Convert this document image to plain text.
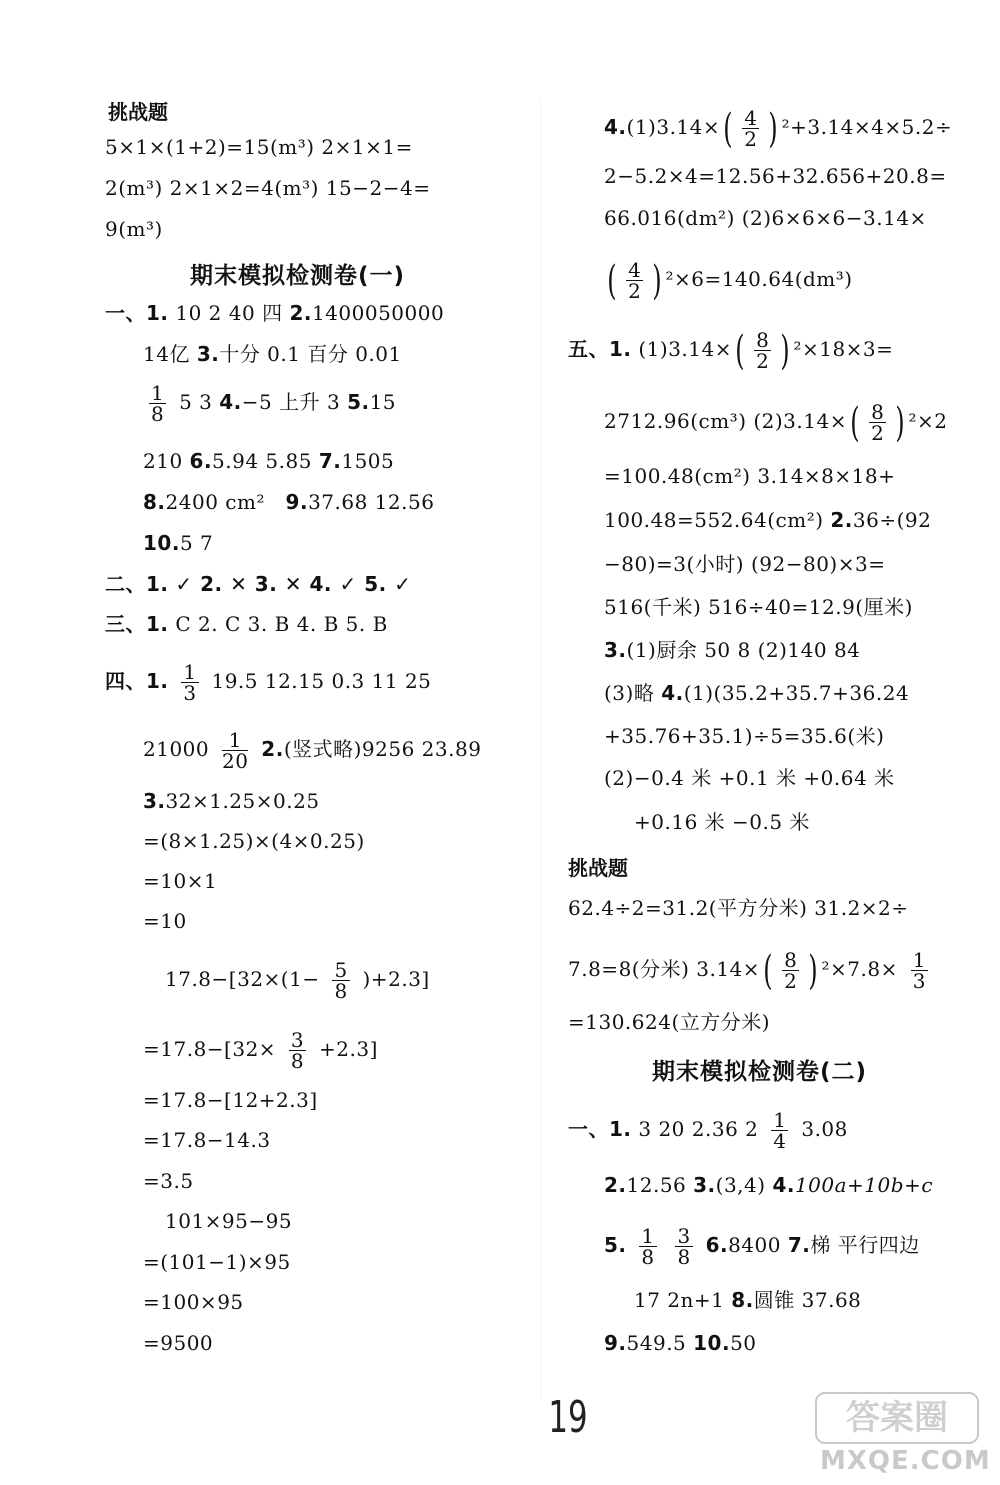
挑战题
5×1×(1+2)=15(m³) 2×1×1=
2(m³) 2×1×2=4(m³) 15−2−4=
9(m³)
期末模拟检测卷(一)
一、1. 10 2 40 四 2.1400050000
14亿 3.十分 0.1 百分 0.01
$\frac{1}{8} 5$ 3 4.−5 上升 3 5.15
210 6.5.94 5.85 7.1505
8.2400 cm² 9.37.68 12.56
10.5 7
二、1. ✓ 2. ✕ 3. ✕ 4. ✓ 5. ✓
三、1. C 2. C 3. B 4. B 5. B
四、1. $\frac{1}{3} 19.5$ 12.15 0.3 11 25
$21000 \frac{1}{20} 2$.(竖式略)9256 23.89
3.32×1.25×0.25
=(8×1.25)×(4×0.25)
=10×1
=10
$17.8-[32\times(1- \frac{5}{8} )+2.3]$
$=17.8-[32\times \frac{3}{8} +2.3]$
=17.8−[12+2.3]
=17.8−14.3
=3.5
101×95−95
=(101−1)×95
=100×95
=9500
$4.(1)3.14\times( \frac{4}{2}$ ) ²+3.14×4×5.2÷
2−5.2×4=12.56+32.656+20.8=
66.016(dm²) (2)6×6×6−3.14×
( $\frac{4}{2}$ ) ²×6=140.64(dm³)
五、1. $(1)3.14\times( \frac{8}{2}$ ) ²×18×3=
2712.96(cm³) $(2)3.14\times( \frac{8}{2}$ ) ²×2
=100.48(cm²) 3.14×8×18+
100.48=552.64(cm²) 2.36÷(92
−80)=3(小时) (92−80)×3=
516(千米) 516÷40=12.9(厘米)
3.(1)厨余 50 8 (2)140 84
(3)略 4.(1)(35.2+35.7+36.24
+35.76+35.1)÷5=35.6(米)
(2)−0.4 米 +0.1 米 +0.64 米
+0.16 米 −0.5 米
挑战题
62.4÷2=31.2(平方分米) 31.2×2÷
7.8=8(分米) $3.14\times( \frac{8}{2}$ ) $^2\times 7.8\times \frac{1}{3}$
=130.624(立方分米)
期末模拟检测卷(二)
一、1. 3 20 2.36 $2 \frac{1}{4} 3.08$
2.12.56 3.(3,4) 4.100a+10b+c
5. $\frac{1}{8}$
$\frac{3}{8} 6.8400$ 7.梯 平行四边
17 2n+1 8.圆锥 37.68
9.549.5 10.50
19	答案圈
MXQE.COM
